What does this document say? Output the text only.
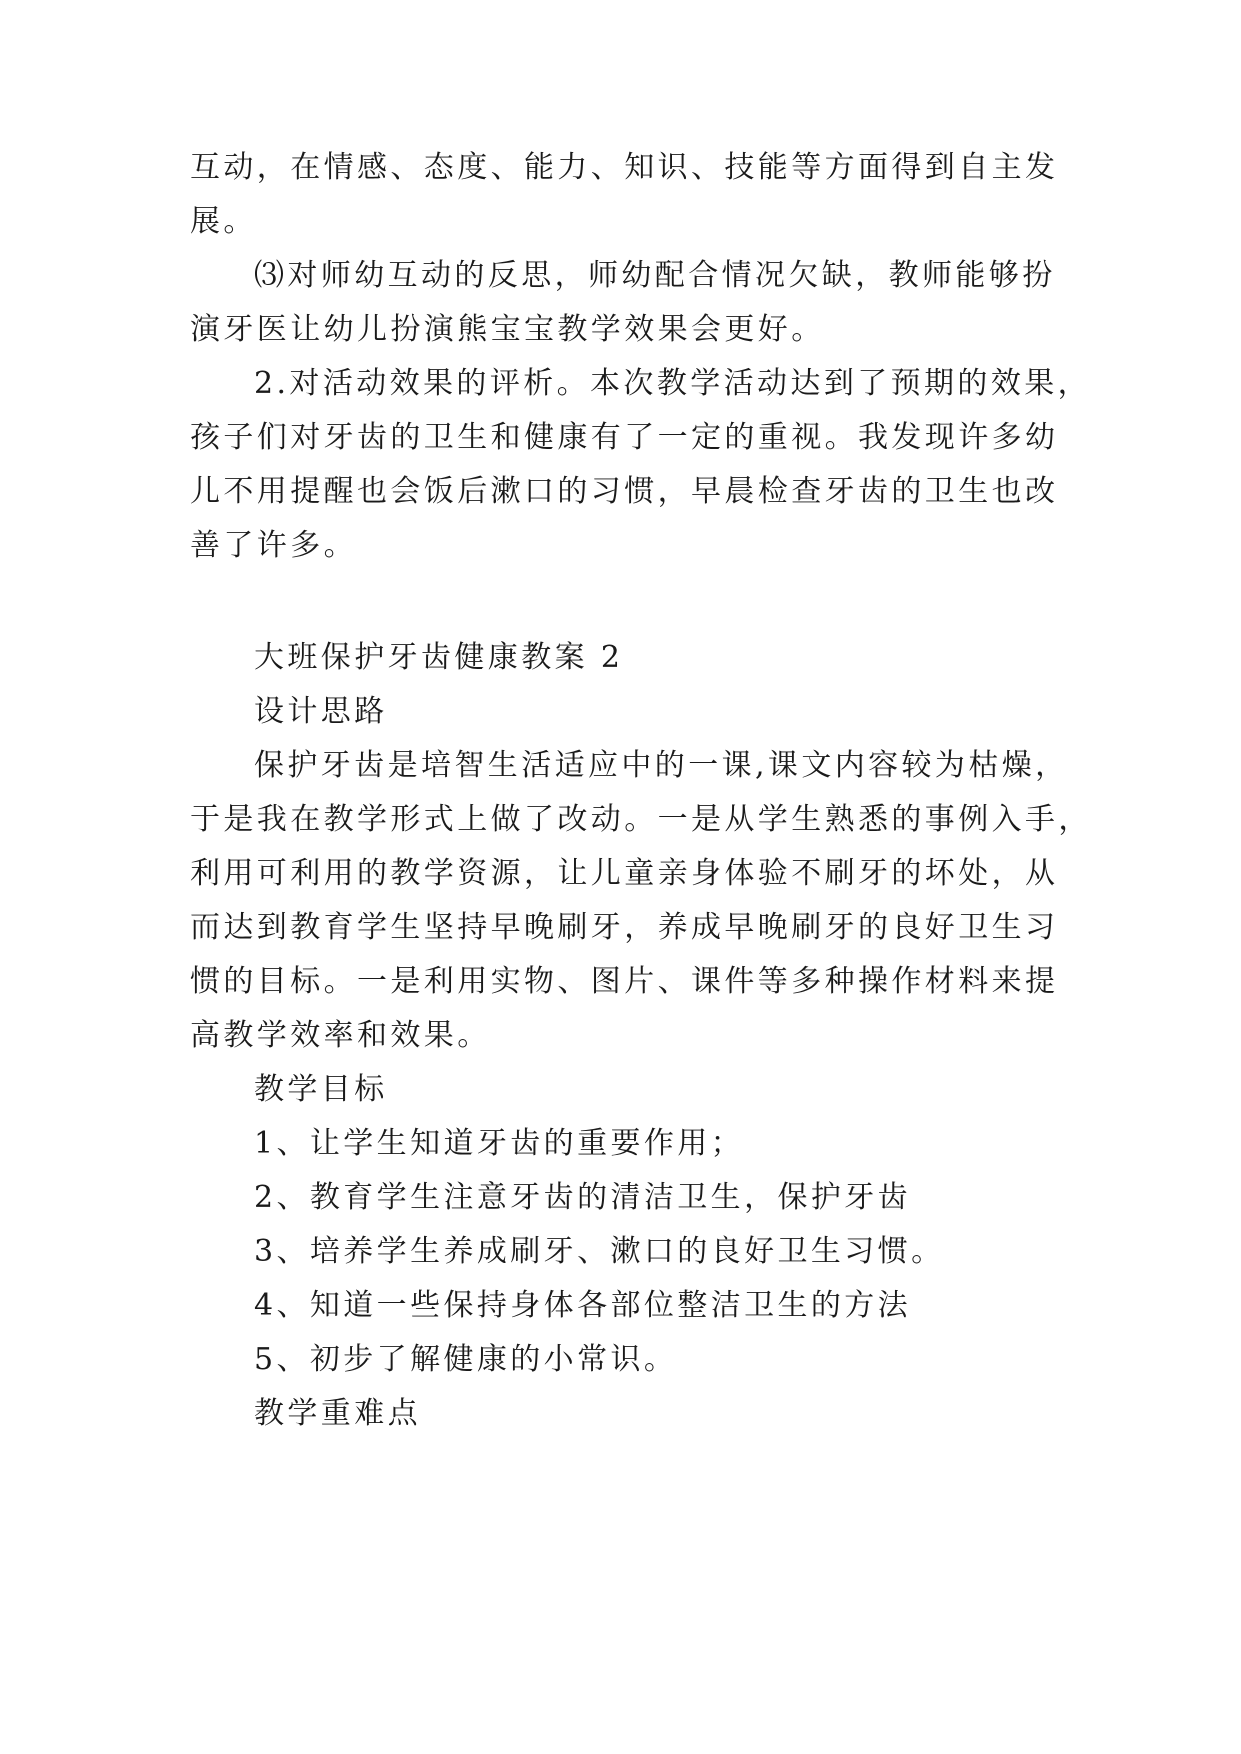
互动，在情感、态度、能力、知识、技能等方面得到自主发
展。
⑶对师幼互动的反思，师幼配合情况欠缺，教师能够扮
演牙医让幼儿扮演熊宝宝教学效果会更好。
2.对活动效果的评析。本次教学活动达到了预期的效果，
孩子们对牙齿的卫生和健康有了一定的重视。我发现许多幼
儿不用提醒也会饭后漱口的习惯，早晨检查牙齿的卫生也改
善了许多。
大班保护牙齿健康教案 2
设计思路
保护牙齿是培智生活适应中的一课,课文内容较为枯燥，
于是我在教学形式上做了改动。一是从学生熟悉的事例入手，
利用可利用的教学资源，让儿童亲身体验不刷牙的坏处，从
而达到教育学生坚持早晚刷牙，养成早晚刷牙的良好卫生习
惯的目标。一是利用实物、图片、课件等多种操作材料来提
高教学效率和效果。
教学目标
1、让学生知道牙齿的重要作用；
2、教育学生注意牙齿的清洁卫生，保护牙齿
3、培养学生养成刷牙、漱口的良好卫生习惯。
4、知道一些保持身体各部位整洁卫生的方法
5、初步了解健康的小常识。
教学重难点
